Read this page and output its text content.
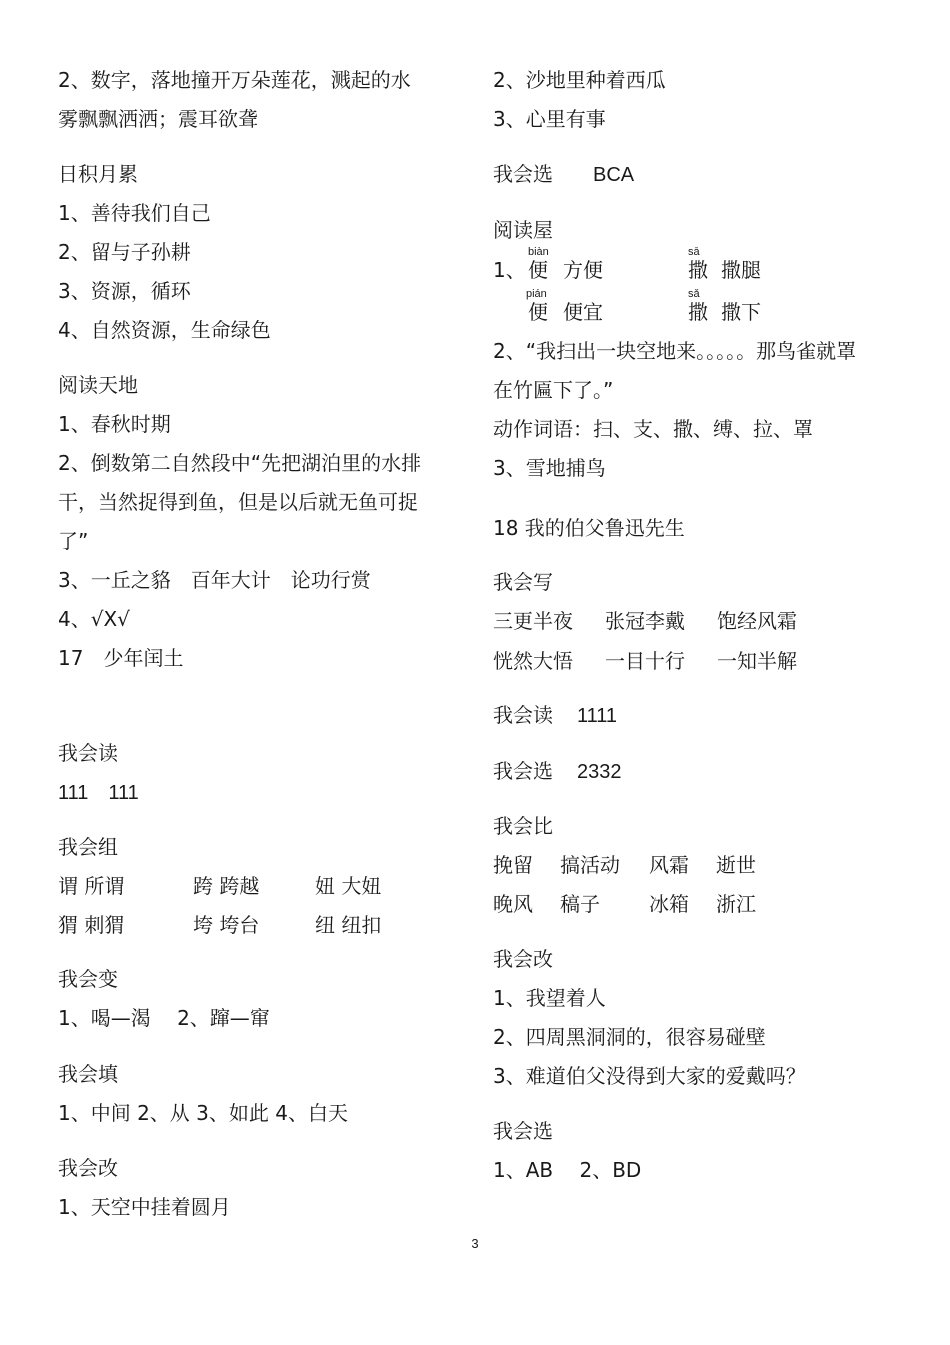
2、数字，落地撞开万朵莲花，溅起的水
雾飘飘洒洒；震耳欲聋
日积月累
1、善待我们自己
2、留与子孙耕
3、资源，循环
4、自然资源，生命绿色
阅读天地
1、春秋时期
2、倒数第二自然段中“先把湖泊里的水排
干，当然捉得到鱼，但是以后就无鱼可捉
了”
3、一丘之貉　百年大计　论功行赏
4、√X√
17　少年闰土
我会读
111　111
我会组
谓 所谓	跨 跨越	妞 大妞
猬 刺猬	垮 垮台	纽 纽扣
我会变
1、喝—渴　 2、蹿—窜
我会填
1、中间 2、从 3、如此 4、白天
我会改
1、天空中挂着圆月
2、沙地里种着西瓜
3、心里有事
我会选 BCA
阅读屋
biàn	sā
1、 便 方便	撒 撒腿
pián	sǎ
便 便宜	撒 撒下
2、“我扫出一块空地来。。。。。那鸟雀就罩
在竹匾下了。”
动作词语：扫、支、撒、缚、拉、罩
3、雪地捕鸟
18 我的伯父鲁迅先生
我会写
三更半夜 张冠李戴 饱经风霜
恍然大悟 一目十行 一知半解
我会读 1111
我会选 2332
我会比
挽留 搞活动 风霜 逝世
晚风 稿子 冰箱 浙江
我会改
1、我望着人
2、四周黑洞洞的，很容易碰壁
3、难道伯父没得到大家的爱戴吗？
我会选
1、AB　 2、BD
3
